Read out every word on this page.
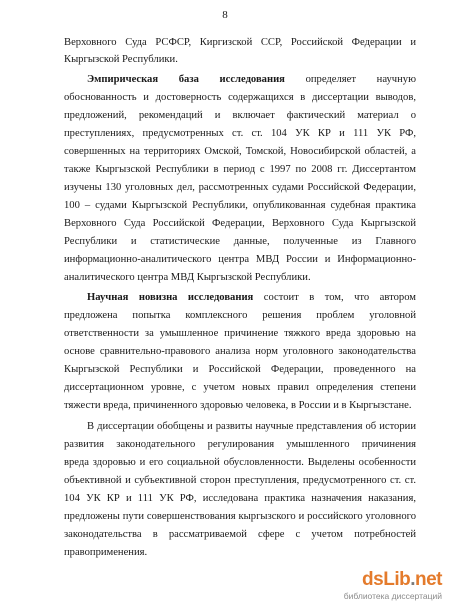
8
Верховного Суда РСФСР, Киргизской ССР, Российской Федерации и
Кыргызской Республики.
Эмпирическая база исследования определяет научную
обоснованность и достоверность содержащихся в диссертации выводов,
предложений, рекомендаций и включает фактический материал о
преступлениях, предусмотренных ст. ст. 104 УК КР и 111 УК РФ,
совершенных на территориях Омской, Томской, Новосибирской областей, а
также Кыргызской Республики в период с 1997 по 2008 гг. Диссертантом
изучены 130 уголовных дел, рассмотренных судами Российской Федерации,
100 – судами Кыргызской Республики, опубликованная судебная практика
Верховного Суда Российской Федерации, Верховного Суда Кыргызской
Республики и статистические данные, полученные из Главного
информационно-аналитического центра МВД России и Информационно-
аналитического центра МВД Кыргызской Республики.
Научная новизна исследования состоит в том, что автором
предложена попытка комплексного решения проблем уголовной
ответственности за умышленное причинение тяжкого вреда здоровью на
основе сравнительно-правового анализа норм уголовного законодательства
Кыргызской Республики и Российской Федерации, проведенного на
диссертационном уровне, с учетом новых правил определения степени
тяжести вреда, причиненного здоровью человека, в России и в Кыргызстане.
В диссертации обобщены и развиты научные представления об истории
развития законодательного регулирования умышленного причинения
вреда здоровью и его социальной обусловленности. Выделены особенности
объективной и субъективной сторон преступления, предусмотренного ст. ст.
104 УК КР и 111 УК РФ, исследована практика назначения наказания,
предложены пути совершенствования кыргызского и российского уголовного
законодательства в рассматриваемой сфере с учетом потребностей
правоприменения.
dsLib.net
библиотека диссертаций
